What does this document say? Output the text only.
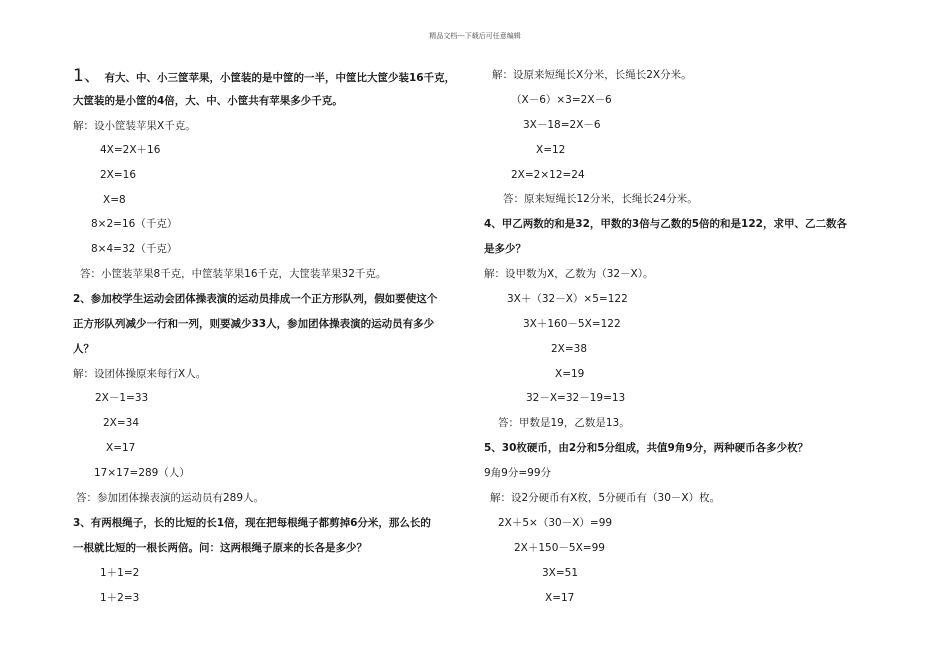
精品文档---下载后可任意编辑
1、 有大、中、小三筐苹果，小筐装的是中筐的一半，中筐比大筐少装16千克，
大筐装的是小筐的4倍，大、中、小筐共有苹果多少千克。
解：设小筐装苹果X千克。
4X=2X＋16
2X=16
X=8
8×2=16（千克）
8×4=32（千克）
答：小筐装苹果8千克，中筐装苹果16千克，大筐装苹果32千克。
2、参加校学生运动会团体操表演的运动员排成一个正方形队列，假如要使这个
正方形队列减少一行和一列，则要减少33人，参加团体操表演的运动员有多少
人？
解：设团体操原来每行X人。
2X－1=33
2X=34
X=17
17×17=289（人）
答：参加团体操表演的运动员有289人。
3、有两根绳子，长的比短的长1倍，现在把每根绳子都剪掉6分米，那么长的
一根就比短的一根长两倍。问：这两根绳子原来的长各是多少？
1＋1=2
1＋2=3
解：设原来短绳长X分米，长绳长2X分米。
（X－6）×3=2X－6
3X－18=2X－6
X=12
2X=2×12=24
答：原来短绳长12分米，长绳长24分米。
4、甲乙两数的和是32，甲数的3倍与乙数的5倍的和是122，求甲、乙二数各
是多少？
解：设甲数为X，乙数为（32－X）。
3X＋（32－X）×5=122
3X＋160－5X=122
2X=38
X=19
32－X=32－19=13
答：甲数是19，乙数是13。
5、30枚硬币，由2分和5分组成，共值9角9分，两种硬币各多少枚？
9角9分=99分
解：设2分硬币有X枚，5分硬币有（30－X）枚。
2X＋5×（30－X）=99
2X＋150－5X=99
3X=51
X=17
